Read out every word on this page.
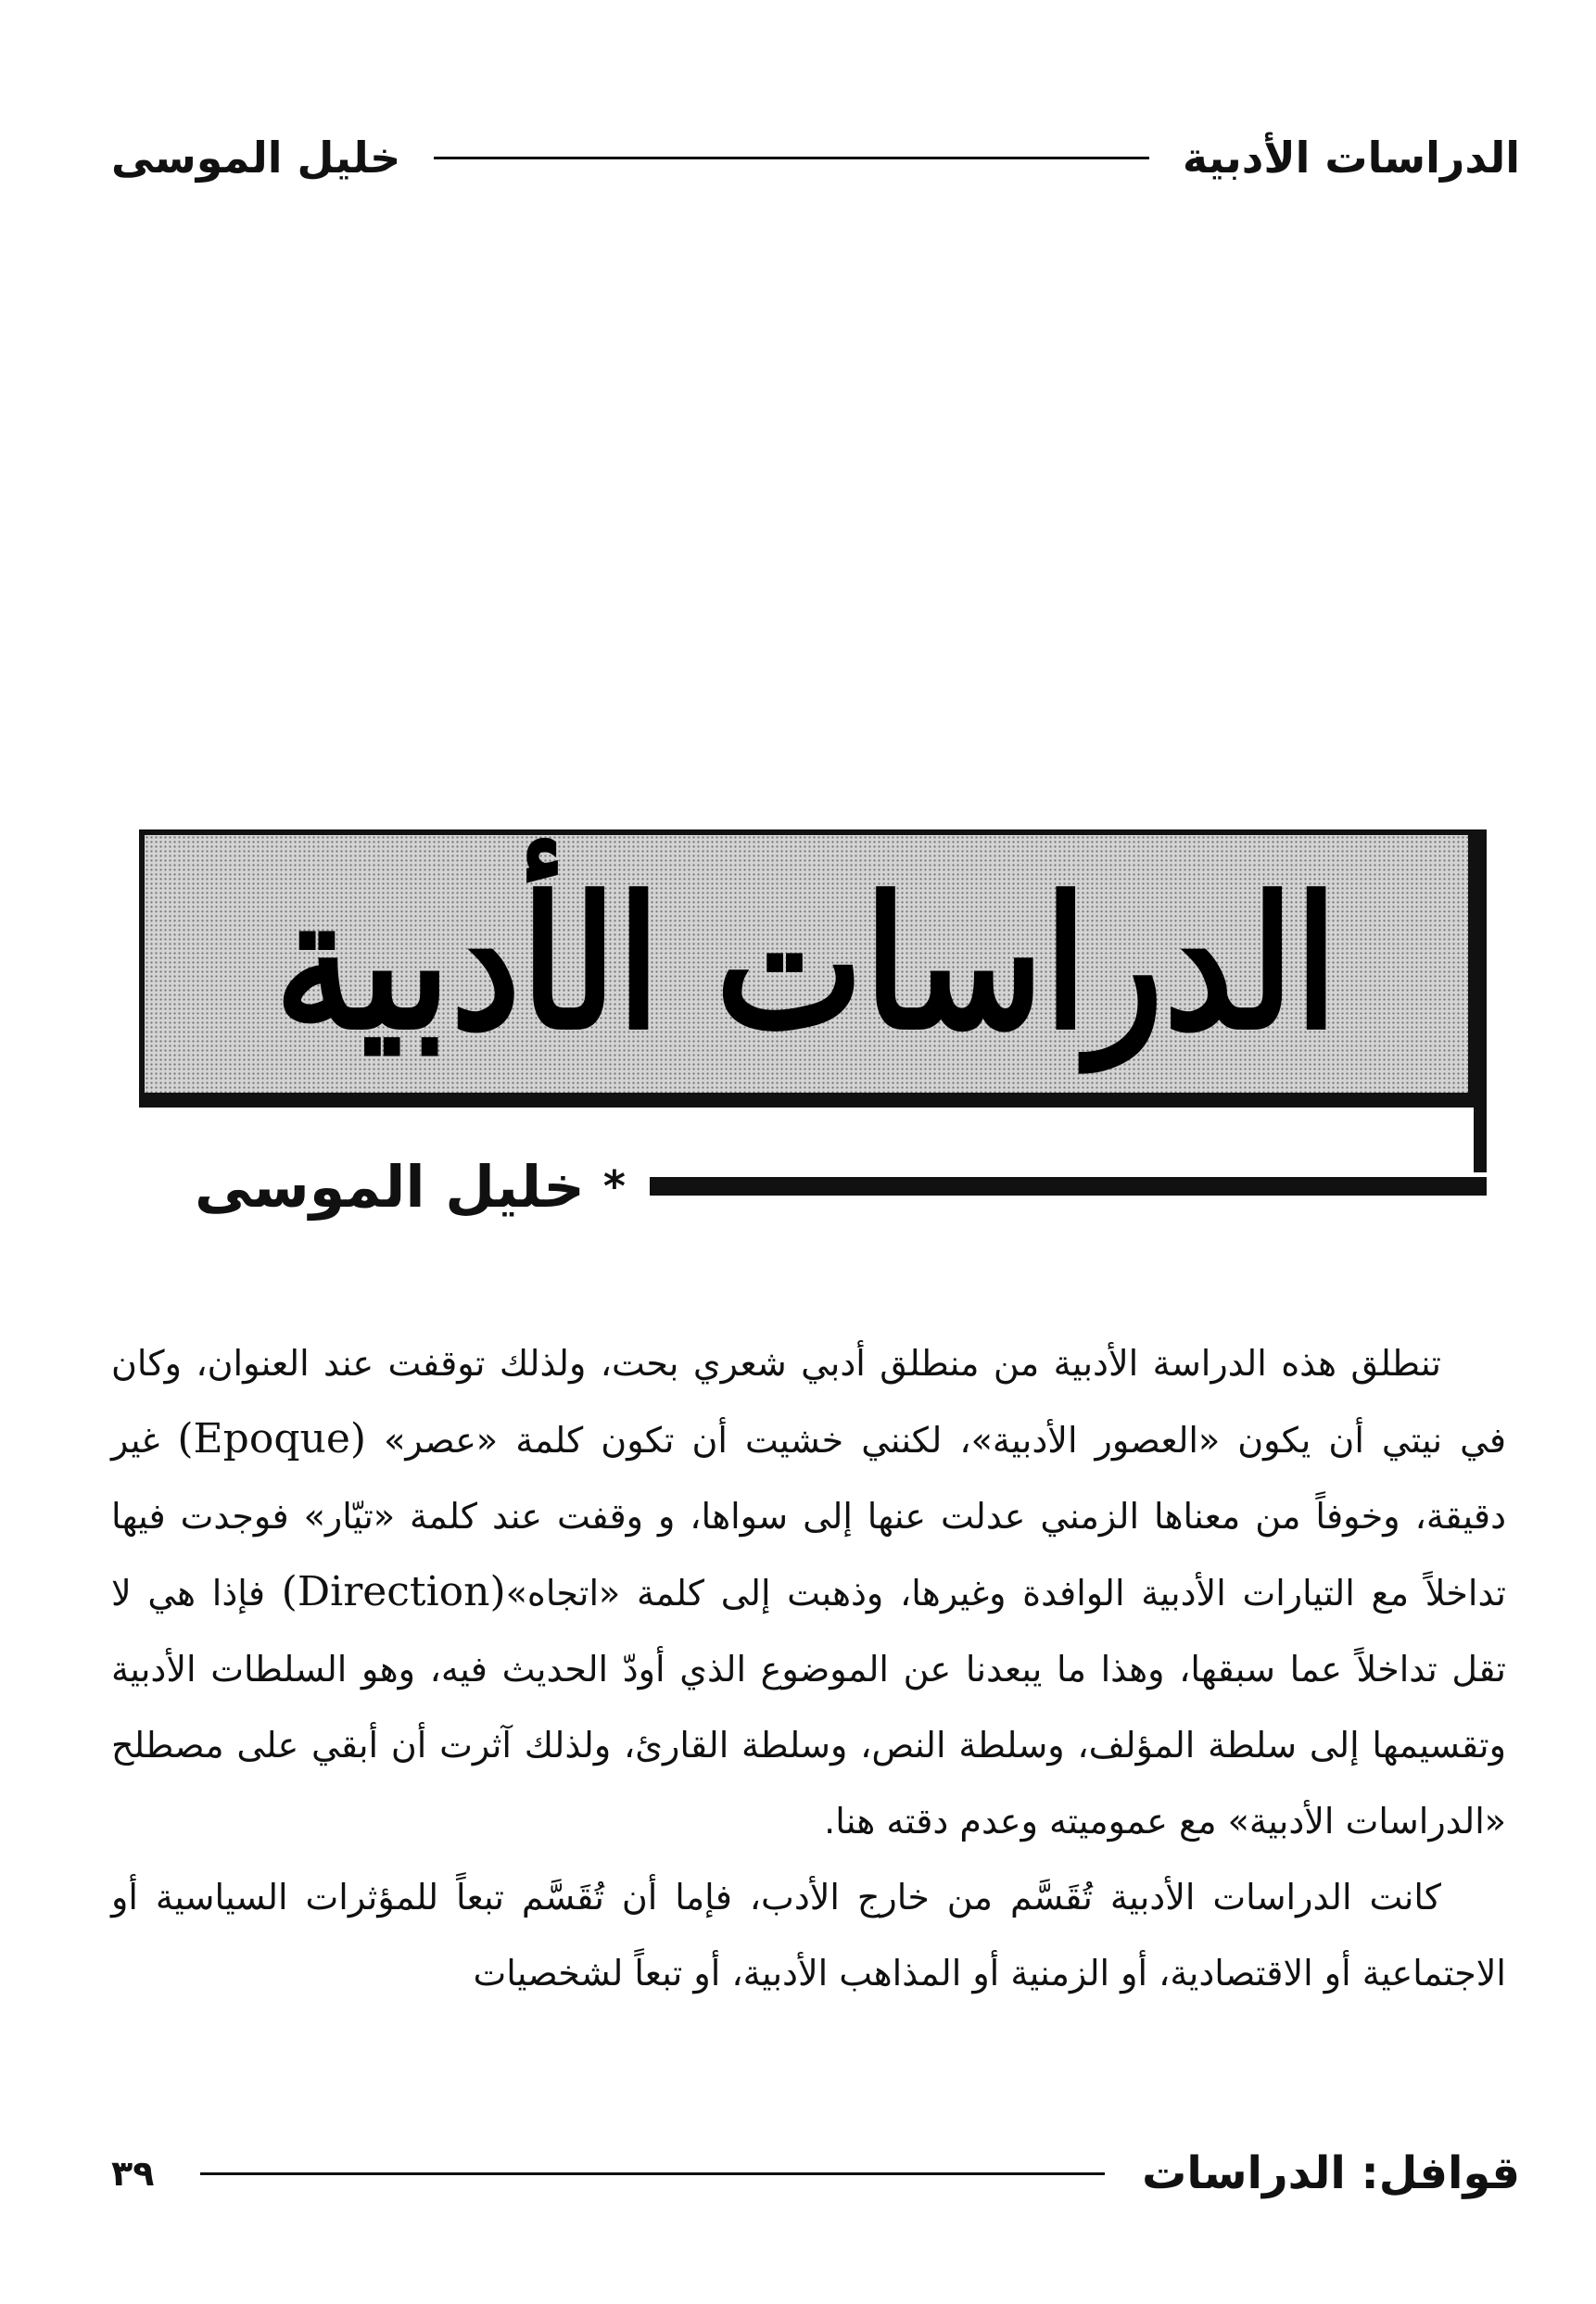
الدراسات الأدبية
خليل الموسى
الدراسات الأدبية
خليل الموسى *

تنطلق هذه الدراسة الأدبية من منطلق أدبي شعري بحت، ولذلك توقفت عند العنوان، وكان في نيتي أن يكون «العصور الأدبية»، لكنني خشيت أن تكون كلمة «عصر» (Epoque) غير دقيقة، وخوفاً من معناها الزمني عدلت عنها إلى سواها، و وقفت عند كلمة «تيّار» فوجدت فيها تداخلاً مع التيارات الأدبية الوافدة وغيرها، وذهبت إلى كلمة «اتجاه»(Direction) فإذا هي لا تقل تداخلاً عما سبقها، وهذا ما يبعدنا عن الموضوع الذي أودّ الحديث فيه، وهو السلطات الأدبية وتقسيمها إلى سلطة المؤلف، وسلطة النص، وسلطة القارئ، ولذلك آثرت أن أبقي على مصطلح «الدراسات الأدبية» مع عموميته وعدم دقته هنا.

كانت الدراسات الأدبية تُقَسَّم من خارج الأدب، فإما أن تُقَسَّم تبعاً للمؤثرات السياسية أو الاجتماعية أو الاقتصادية، أو الزمنية أو المذاهب الأدبية، أو تبعاً لشخصيات

قوافل: الدراسات
٣٩
